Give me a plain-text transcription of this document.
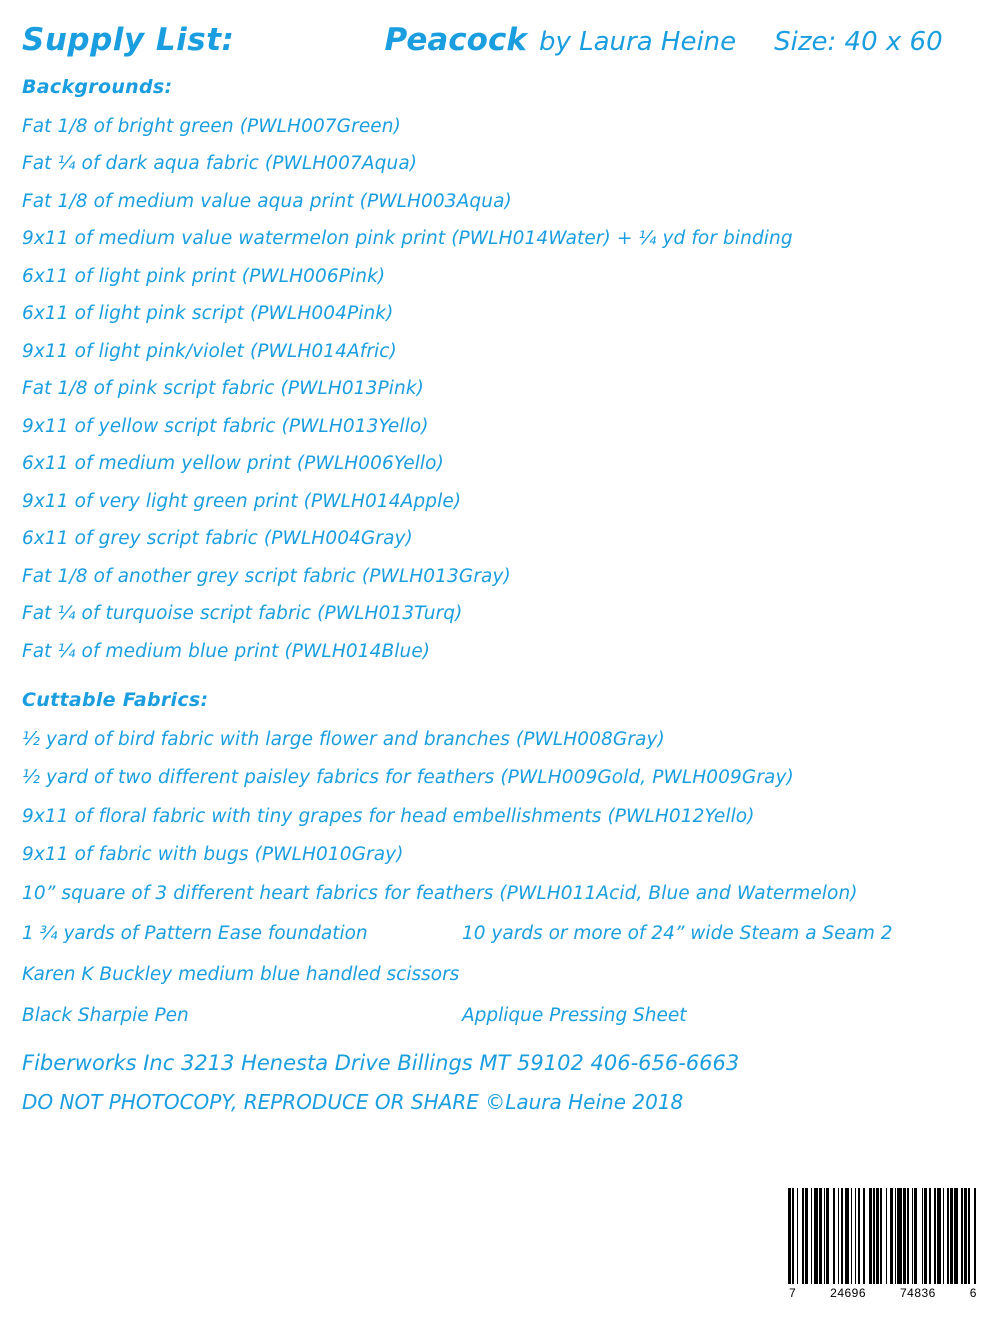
Supply List:	Peacock by Laura Heine Size: 40 x 60
Backgrounds:
Fat 1/8 of bright green (PWLH007Green)
Fat ¼ of dark aqua fabric (PWLH007Aqua)
Fat 1/8 of medium value aqua print (PWLH003Aqua)
9x11 of medium value watermelon pink print (PWLH014Water) + ¼ yd for binding
6x11 of light pink print (PWLH006Pink)
6x11 of light pink script (PWLH004Pink)
9x11 of light pink/violet (PWLH014Afric)
Fat 1/8 of pink script fabric (PWLH013Pink)
9x11 of yellow script fabric (PWLH013Yello)
6x11 of medium yellow print (PWLH006Yello)
9x11 of very light green print (PWLH014Apple)
6x11 of grey script fabric (PWLH004Gray)
Fat 1/8 of another grey script fabric (PWLH013Gray)
Fat ¼ of turquoise script fabric (PWLH013Turq)
Fat ¼ of medium blue print (PWLH014Blue)
Cuttable Fabrics:
½ yard of bird fabric with large flower and branches (PWLH008Gray)
½ yard of two different paisley fabrics for feathers (PWLH009Gold, PWLH009Gray)
9x11 of floral fabric with tiny grapes for head embellishments (PWLH012Yello)
9x11 of fabric with bugs (PWLH010Gray)
10” square of 3 different heart fabrics for feathers (PWLH011Acid, Blue and Watermelon)
1 ¾ yards of Pattern Ease foundation	10 yards or more of 24” wide Steam a Seam 2
Karen K Buckley medium blue handled scissors
Black Sharpie Pen	Applique Pressing Sheet
Fiberworks Inc 3213 Henesta Drive Billings MT 59102 406-656-6663
DO NOT PHOTOCOPY, REPRODUCE OR SHARE ©Laura Heine 2018
7	24696	74836	6
